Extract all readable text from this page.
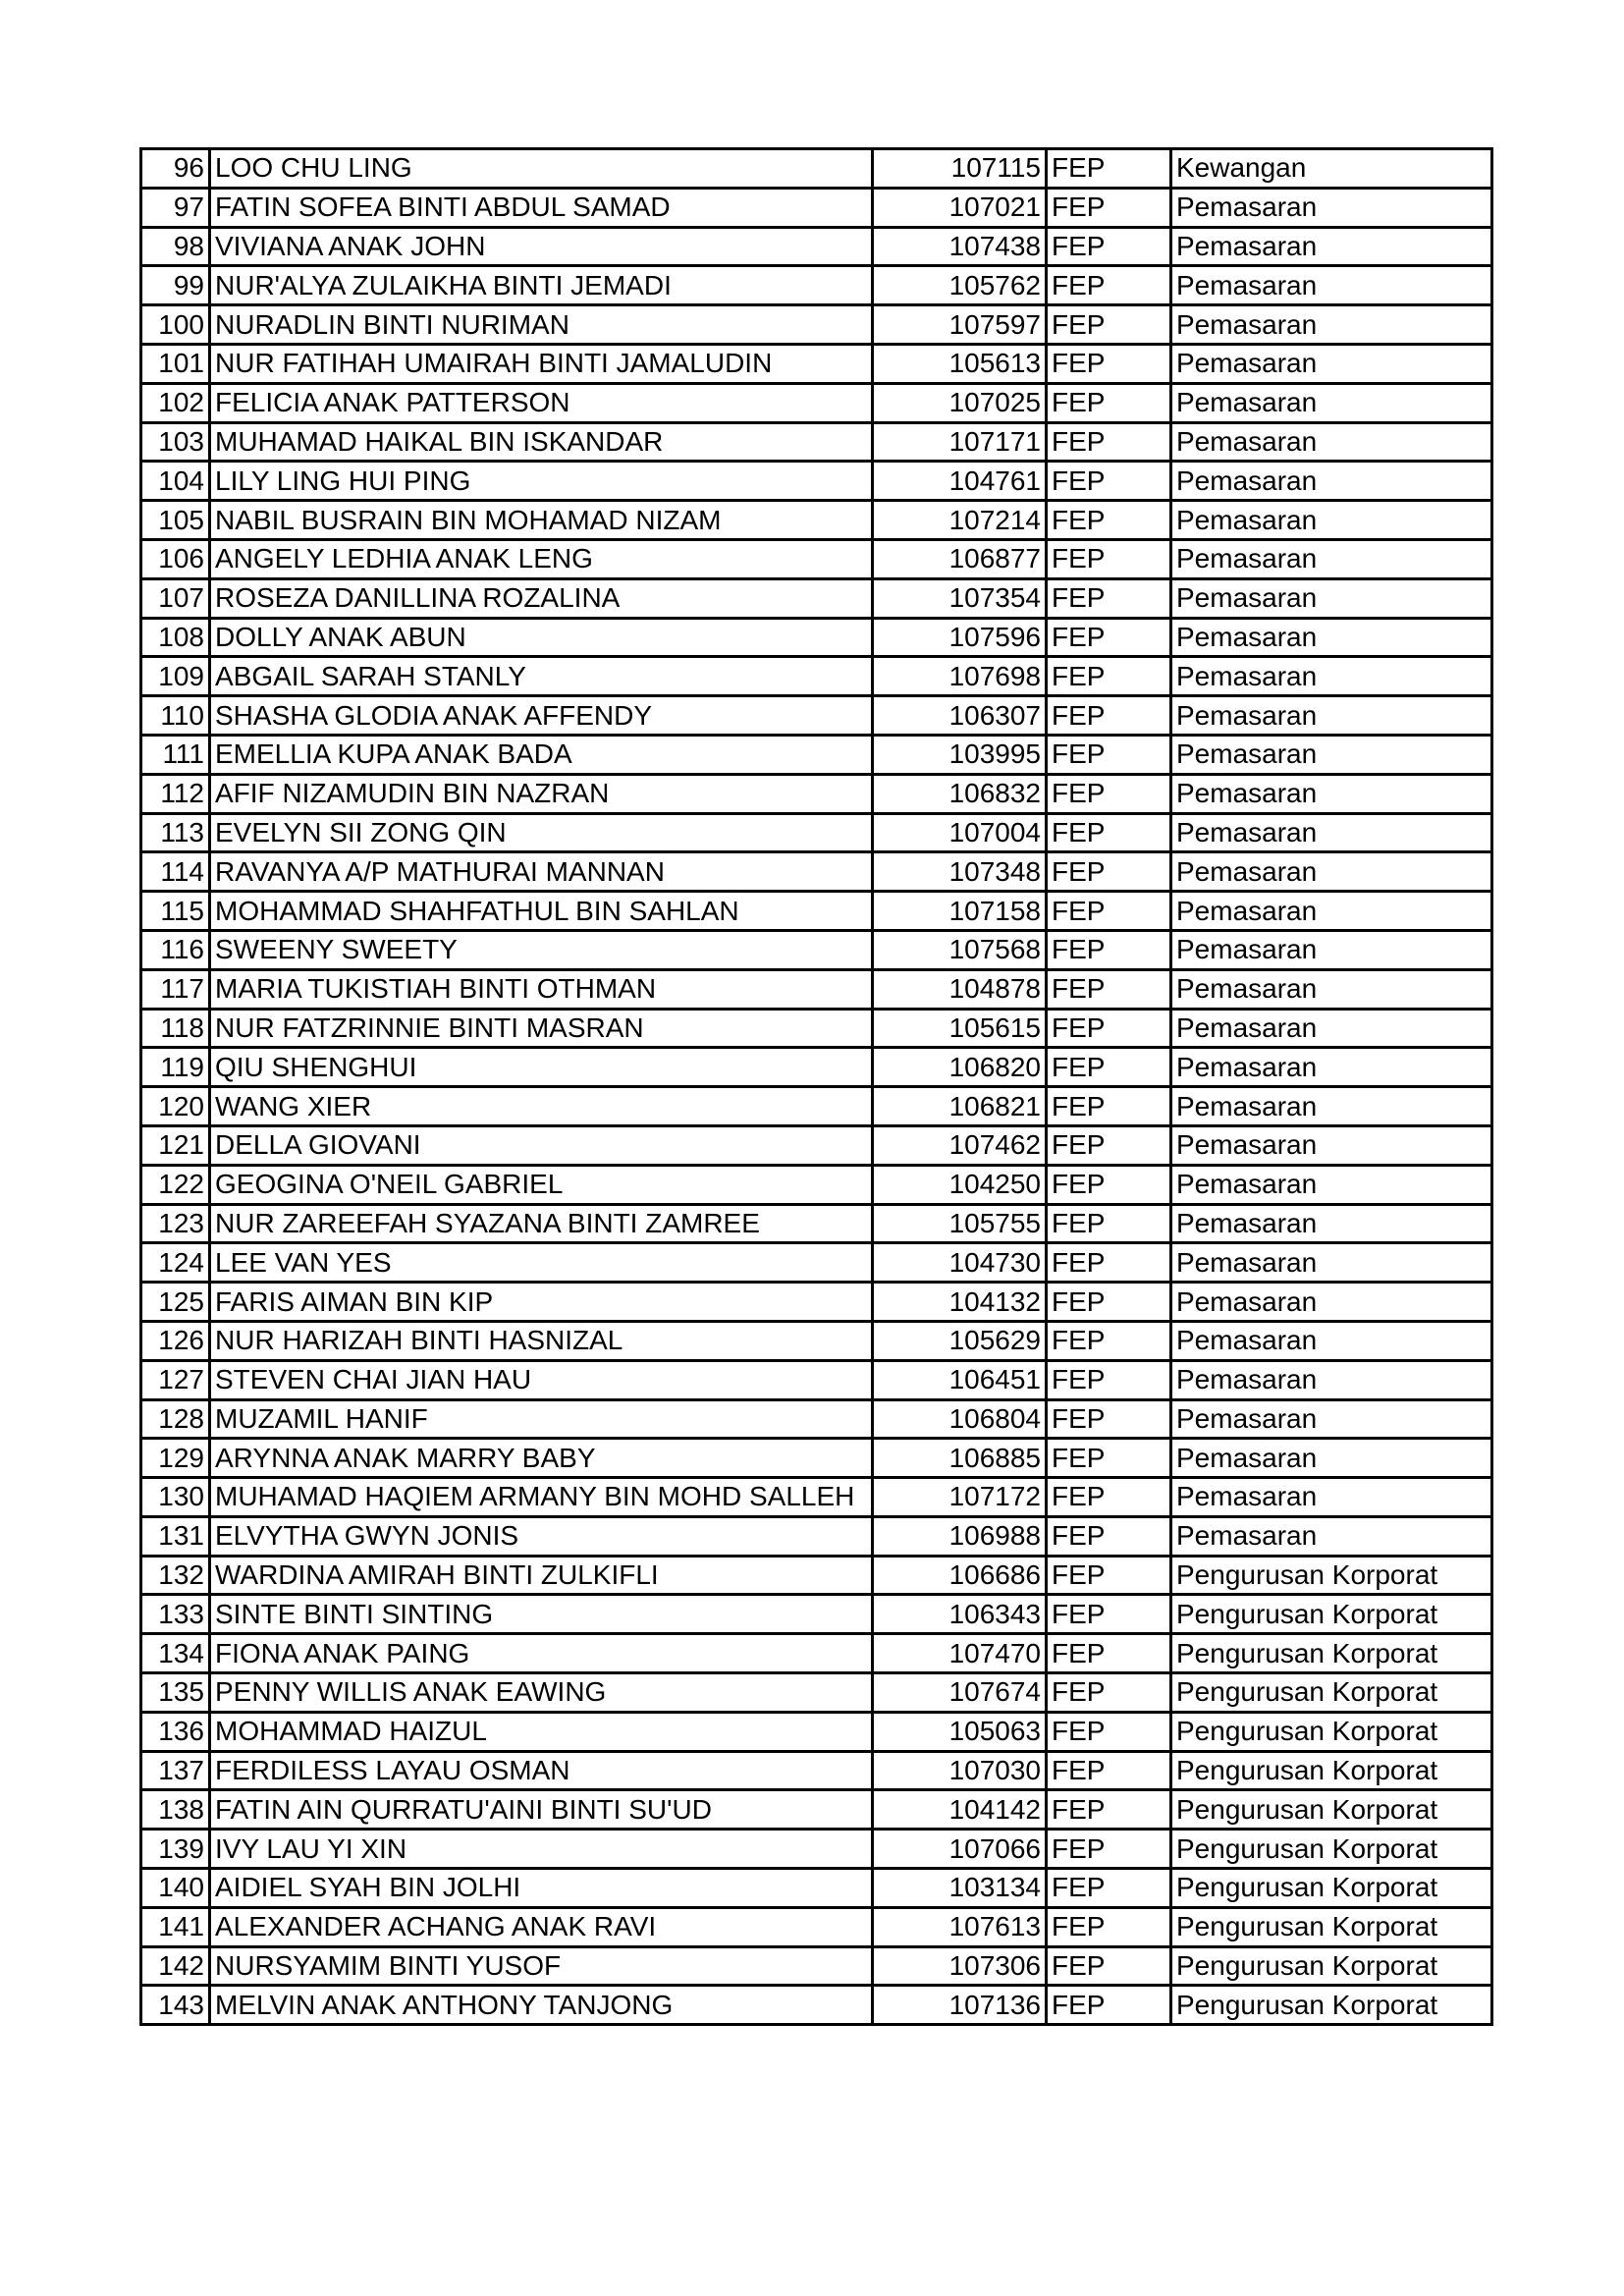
96	LOO CHU LING	107115	FEP	Kewangan
97	FATIN SOFEA BINTI ABDUL SAMAD	107021	FEP	Pemasaran
98	VIVIANA ANAK JOHN	107438	FEP	Pemasaran
99	NUR'ALYA ZULAIKHA BINTI JEMADI	105762	FEP	Pemasaran
100	NURADLIN BINTI NURIMAN	107597	FEP	Pemasaran
101	NUR FATIHAH UMAIRAH BINTI JAMALUDIN	105613	FEP	Pemasaran
102	FELICIA ANAK PATTERSON	107025	FEP	Pemasaran
103	MUHAMAD HAIKAL BIN ISKANDAR	107171	FEP	Pemasaran
104	LILY LING HUI PING	104761	FEP	Pemasaran
105	NABIL BUSRAIN BIN MOHAMAD NIZAM	107214	FEP	Pemasaran
106	ANGELY LEDHIA ANAK LENG	106877	FEP	Pemasaran
107	ROSEZA DANILLINA ROZALINA	107354	FEP	Pemasaran
108	DOLLY ANAK ABUN	107596	FEP	Pemasaran
109	ABGAIL SARAH STANLY	107698	FEP	Pemasaran
110	SHASHA GLODIA ANAK AFFENDY	106307	FEP	Pemasaran
111	EMELLIA KUPA ANAK BADA	103995	FEP	Pemasaran
112	AFIF NIZAMUDIN BIN NAZRAN	106832	FEP	Pemasaran
113	EVELYN SII ZONG QIN	107004	FEP	Pemasaran
114	RAVANYA A/P MATHURAI MANNAN	107348	FEP	Pemasaran
115	MOHAMMAD SHAHFATHUL BIN SAHLAN	107158	FEP	Pemasaran
116	SWEENY SWEETY	107568	FEP	Pemasaran
117	MARIA TUKISTIAH BINTI OTHMAN	104878	FEP	Pemasaran
118	NUR FATZRINNIE BINTI MASRAN	105615	FEP	Pemasaran
119	QIU SHENGHUI	106820	FEP	Pemasaran
120	WANG XIER	106821	FEP	Pemasaran
121	DELLA GIOVANI	107462	FEP	Pemasaran
122	GEOGINA O'NEIL GABRIEL	104250	FEP	Pemasaran
123	NUR ZAREEFAH SYAZANA BINTI ZAMREE	105755	FEP	Pemasaran
124	LEE VAN YES	104730	FEP	Pemasaran
125	FARIS AIMAN BIN KIP	104132	FEP	Pemasaran
126	NUR HARIZAH BINTI HASNIZAL	105629	FEP	Pemasaran
127	STEVEN CHAI JIAN HAU	106451	FEP	Pemasaran
128	MUZAMIL HANIF	106804	FEP	Pemasaran
129	ARYNNA ANAK MARRY BABY	106885	FEP	Pemasaran
130	MUHAMAD HAQIEM ARMANY BIN MOHD SALLEH	107172	FEP	Pemasaran
131	ELVYTHA GWYN JONIS	106988	FEP	Pemasaran
132	WARDINA AMIRAH BINTI ZULKIFLI	106686	FEP	Pengurusan Korporat
133	SINTE BINTI SINTING	106343	FEP	Pengurusan Korporat
134	FIONA ANAK PAING	107470	FEP	Pengurusan Korporat
135	PENNY WILLIS ANAK EAWING	107674	FEP	Pengurusan Korporat
136	MOHAMMAD HAIZUL	105063	FEP	Pengurusan Korporat
137	FERDILESS LAYAU OSMAN	107030	FEP	Pengurusan Korporat
138	FATIN AIN QURRATU'AINI BINTI SU'UD	104142	FEP	Pengurusan Korporat
139	IVY LAU YI XIN	107066	FEP	Pengurusan Korporat
140	AIDIEL SYAH BIN JOLHI	103134	FEP	Pengurusan Korporat
141	ALEXANDER ACHANG ANAK RAVI	107613	FEP	Pengurusan Korporat
142	NURSYAMIM BINTI YUSOF	107306	FEP	Pengurusan Korporat
143	MELVIN ANAK ANTHONY TANJONG	107136	FEP	Pengurusan Korporat
